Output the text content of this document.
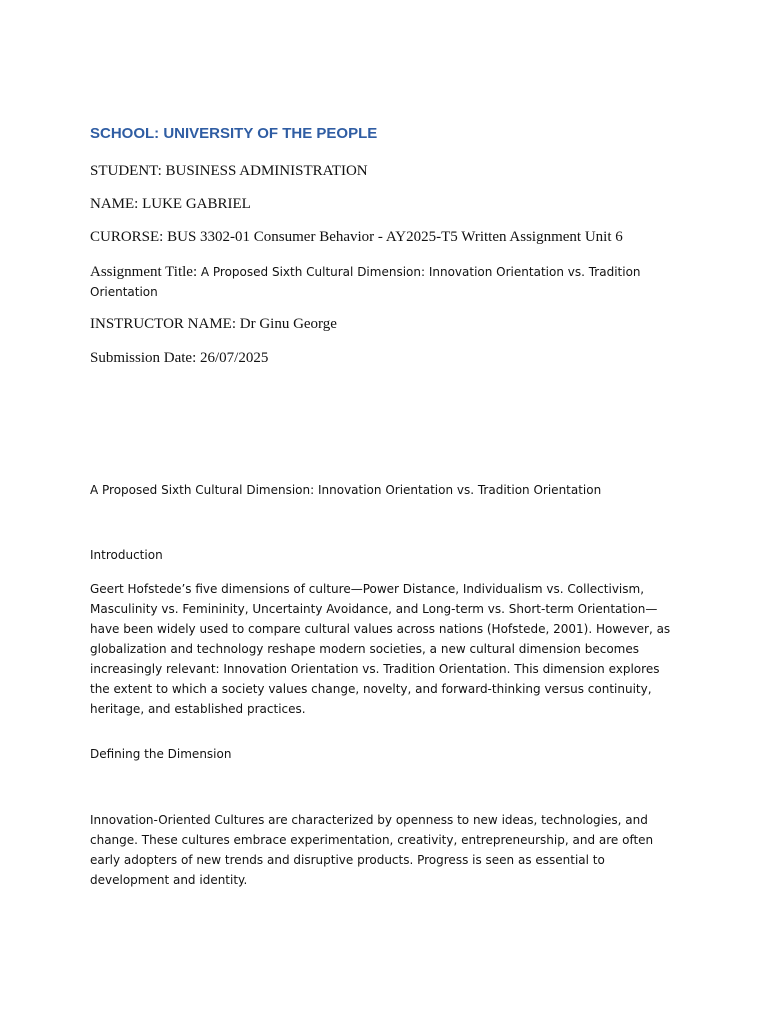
SCHOOL: UNIVERSITY OF THE PEOPLE

STUDENT: BUSINESS ADMINISTRATION

NAME: LUKE GABRIEL

CURORSE: BUS 3302-01 Consumer Behavior - AY2025-T5 Written Assignment Unit 6

Assignment Title: A Proposed Sixth Cultural Dimension: Innovation Orientation vs. Tradition Orientation

INSTRUCTOR NAME: Dr Ginu George

Submission Date: 26/07/2025

A Proposed Sixth Cultural Dimension: Innovation Orientation vs. Tradition Orientation

Introduction

Geert Hofstede’s five dimensions of culture—Power Distance, Individualism vs. Collectivism, Masculinity vs. Femininity, Uncertainty Avoidance, and Long-term vs. Short-term Orientation—have been widely used to compare cultural values across nations (Hofstede, 2001). However, as globalization and technology reshape modern societies, a new cultural dimension becomes increasingly relevant: Innovation Orientation vs. Tradition Orientation. This dimension explores the extent to which a society values change, novelty, and forward-thinking versus continuity, heritage, and established practices.

Defining the Dimension

Innovation-Oriented Cultures are characterized by openness to new ideas, technologies, and change. These cultures embrace experimentation, creativity, entrepreneurship, and are often early adopters of new trends and disruptive products. Progress is seen as essential to development and identity.
